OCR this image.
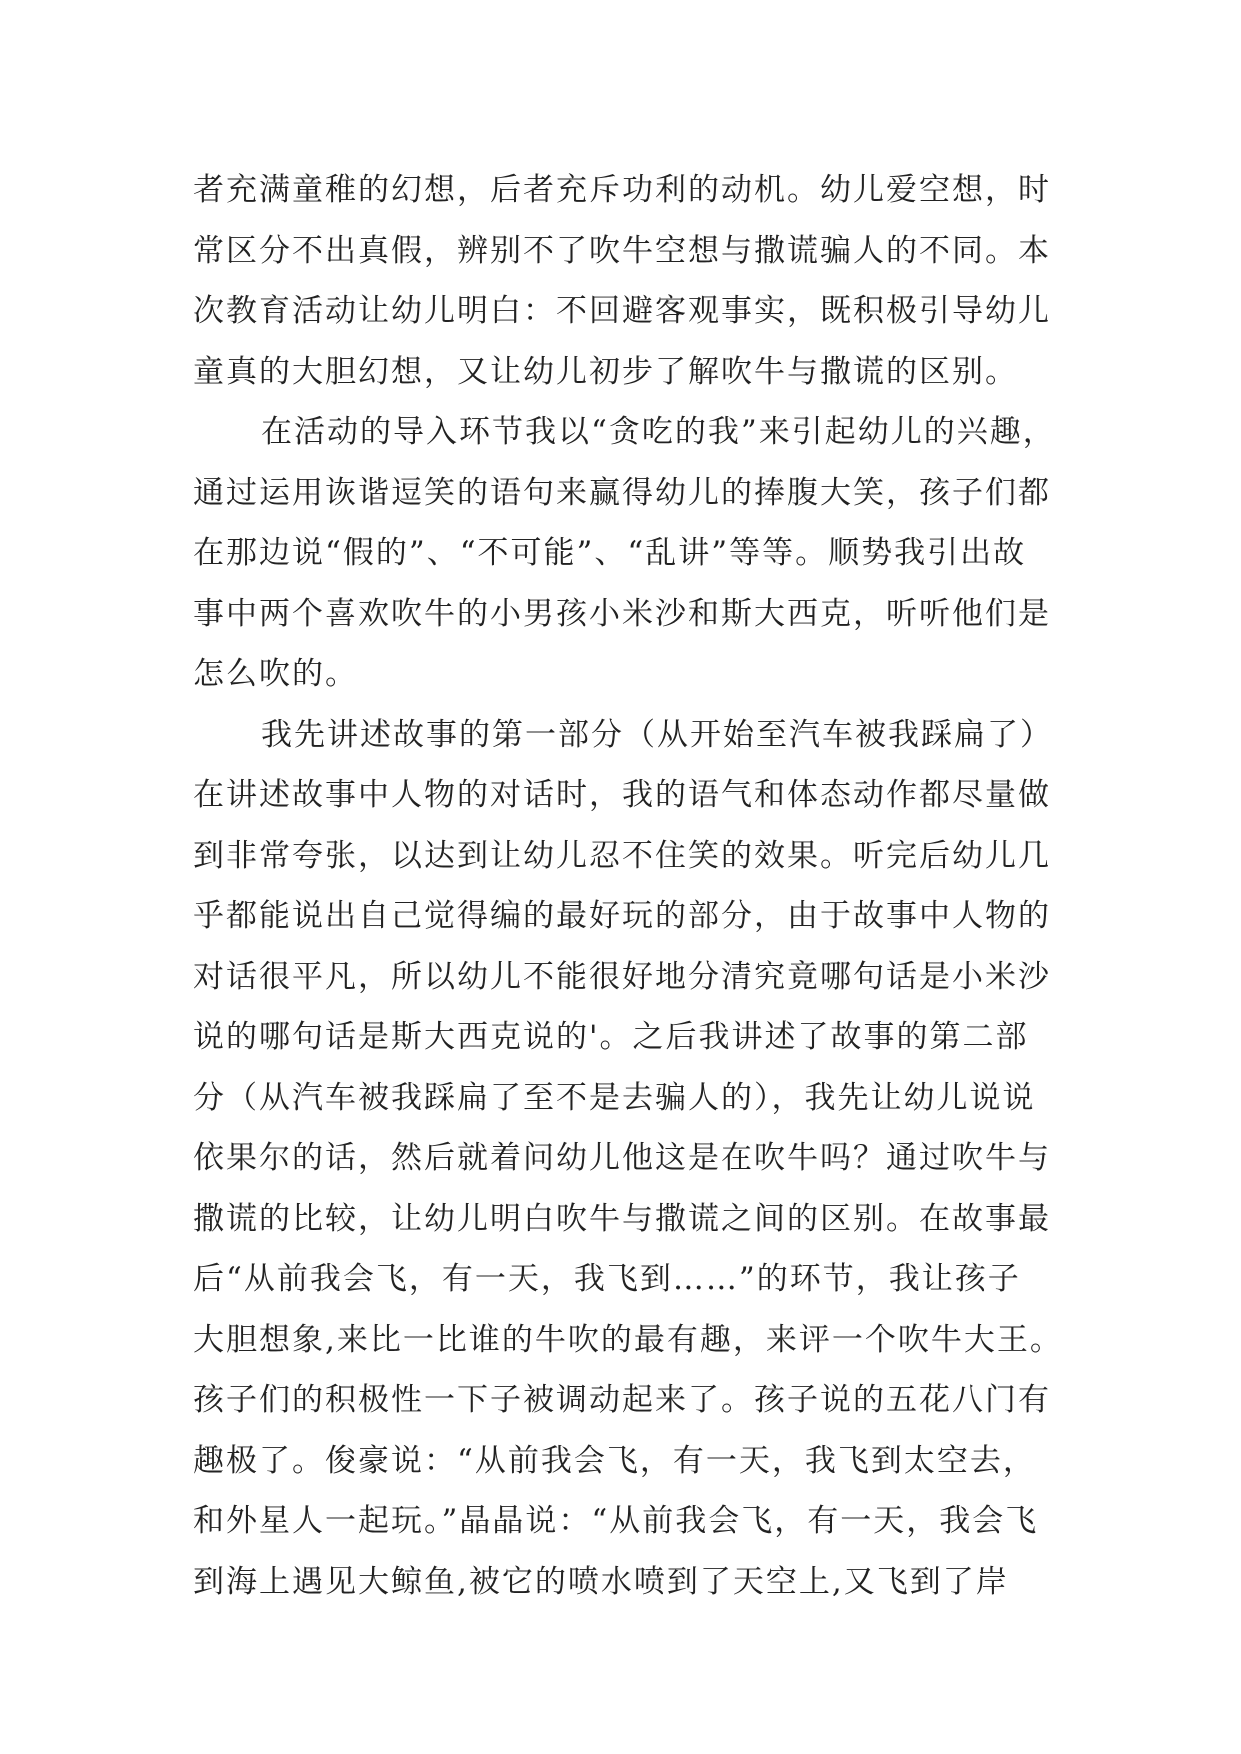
者充满童稚的幻想，后者充斥功利的动机。幼儿爱空想，时
常区分不出真假，辨别不了吹牛空想与撒谎骗人的不同。本
次教育活动让幼儿明白：不回避客观事实，既积极引导幼儿
童真的大胆幻想，又让幼儿初步了解吹牛与撒谎的区别。
在活动的导入环节我以“贪吃的我”来引起幼儿的兴趣，
通过运用诙谐逗笑的语句来赢得幼儿的捧腹大笑，孩子们都
在那边说“假的”、“不可能”、“乱讲”等等。顺势我引出故
事中两个喜欢吹牛的小男孩小米沙和斯大西克，听听他们是
怎么吹的。
我先讲述故事的第一部分（从开始至汽车被我踩扁了）
在讲述故事中人物的对话时，我的语气和体态动作都尽量做
到非常夸张，以达到让幼儿忍不住笑的效果。听完后幼儿几
乎都能说出自己觉得编的最好玩的部分，由于故事中人物的
对话很平凡，所以幼儿不能很好地分清究竟哪句话是小米沙
说的哪句话是斯大西克说的'。之后我讲述了故事的第二部
分（从汽车被我踩扁了至不是去骗人的），我先让幼儿说说
依果尔的话，然后就着问幼儿他这是在吹牛吗？通过吹牛与
撒谎的比较，让幼儿明白吹牛与撒谎之间的区别。在故事最
后“从前我会飞，有一天，我飞到……”的环节，我让孩子
大胆想象,来比一比谁的牛吹的最有趣，来评一个吹牛大王。
孩子们的积极性一下子被调动起来了。孩子说的五花八门有
趣极了。俊豪说：“从前我会飞，有一天，我飞到太空去，
和外星人一起玩。”晶晶说：“从前我会飞，有一天，我会飞
到海上遇见大鲸鱼,被它的喷水喷到了天空上,又飞到了岸
